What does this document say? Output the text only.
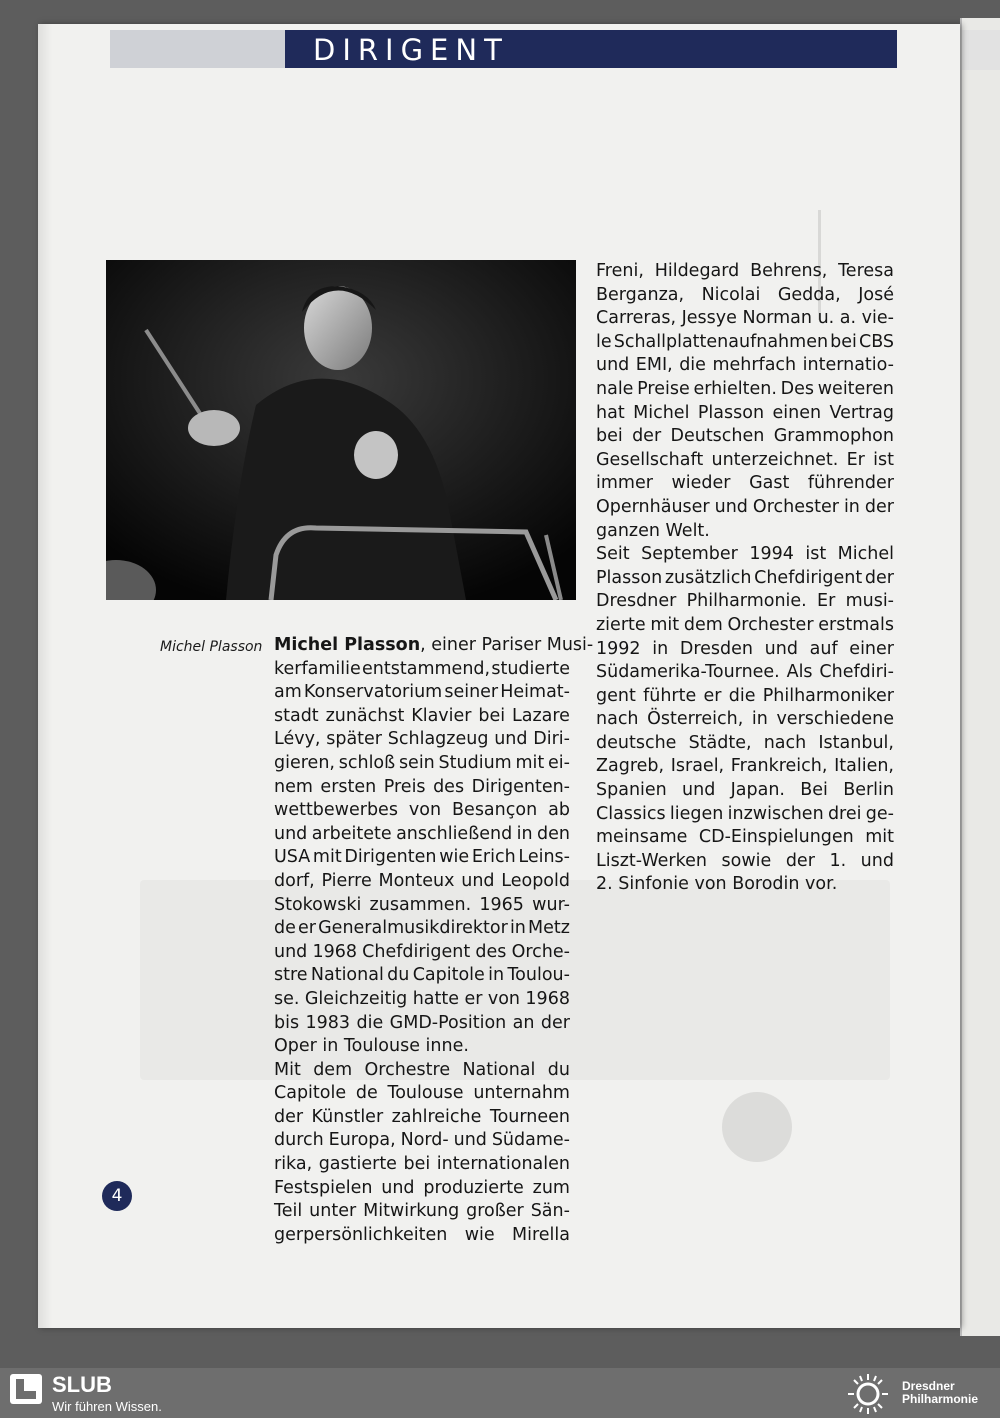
DIRIGENT
Michel Plasson Michel Plasson, einer Pariser Musi-
kerfamilie entstammend, studierte
am Konservatorium seiner Heimat-
stadt zunächst Klavier bei Lazare
Lévy, später Schlagzeug und Diri-
gieren, schloß sein Studium mit ei-
nem ersten Preis des Dirigenten-
wettbewerbes von Besançon ab
und arbeitete anschließend in den
USA mit Dirigenten wie Erich Leins-
dorf, Pierre Monteux und Leopold
Stokowski zusammen. 1965 wur-
de er Generalmusikdirektor in Metz
und 1968 Chefdirigent des Orche-
stre National du Capitole in Toulou-
se. Gleichzeitig hatte er von 1968
bis 1983 die GMD-Position an der
Oper in Toulouse inne.
Mit dem Orchestre National du
Capitole de Toulouse unternahm
der Künstler zahlreiche Tourneen
durch Europa, Nord- und Südame-
rika, gastierte bei internationalen
Festspielen und produzierte zum
Teil unter Mitwirkung großer Sän-
gerpersönlichkeiten wie Mirella
Freni, Hildegard Behrens, Teresa
Berganza, Nicolai Gedda, José
Carreras, Jessye Norman u. a. vie-
le Schallplattenaufnahmen bei CBS
und EMI, die mehrfach internatio-
nale Preise erhielten. Des weiteren
hat Michel Plasson einen Vertrag
bei der Deutschen Grammophon
Gesellschaft unterzeichnet. Er ist
immer wieder Gast führender
Opernhäuser und Orchester in der
ganzen Welt.
Seit September 1994 ist Michel
Plasson zusätzlich Chefdirigent der
Dresdner Philharmonie. Er musi-
zierte mit dem Orchester erstmals
1992 in Dresden und auf einer
Südamerika-Tournee. Als Chefdiri-
gent führte er die Philharmoniker
nach Österreich, in verschiedene
deutsche Städte, nach Istanbul,
Zagreb, Israel, Frankreich, Italien,
Spanien und Japan. Bei Berlin
Classics liegen inzwischen drei ge-
meinsame CD-Einspielungen mit
Liszt-Werken sowie der 1. und
2. Sinfonie von Borodin vor.
4
SLUB
Wir führen Wissen.
Dresdner
Philharmonie
